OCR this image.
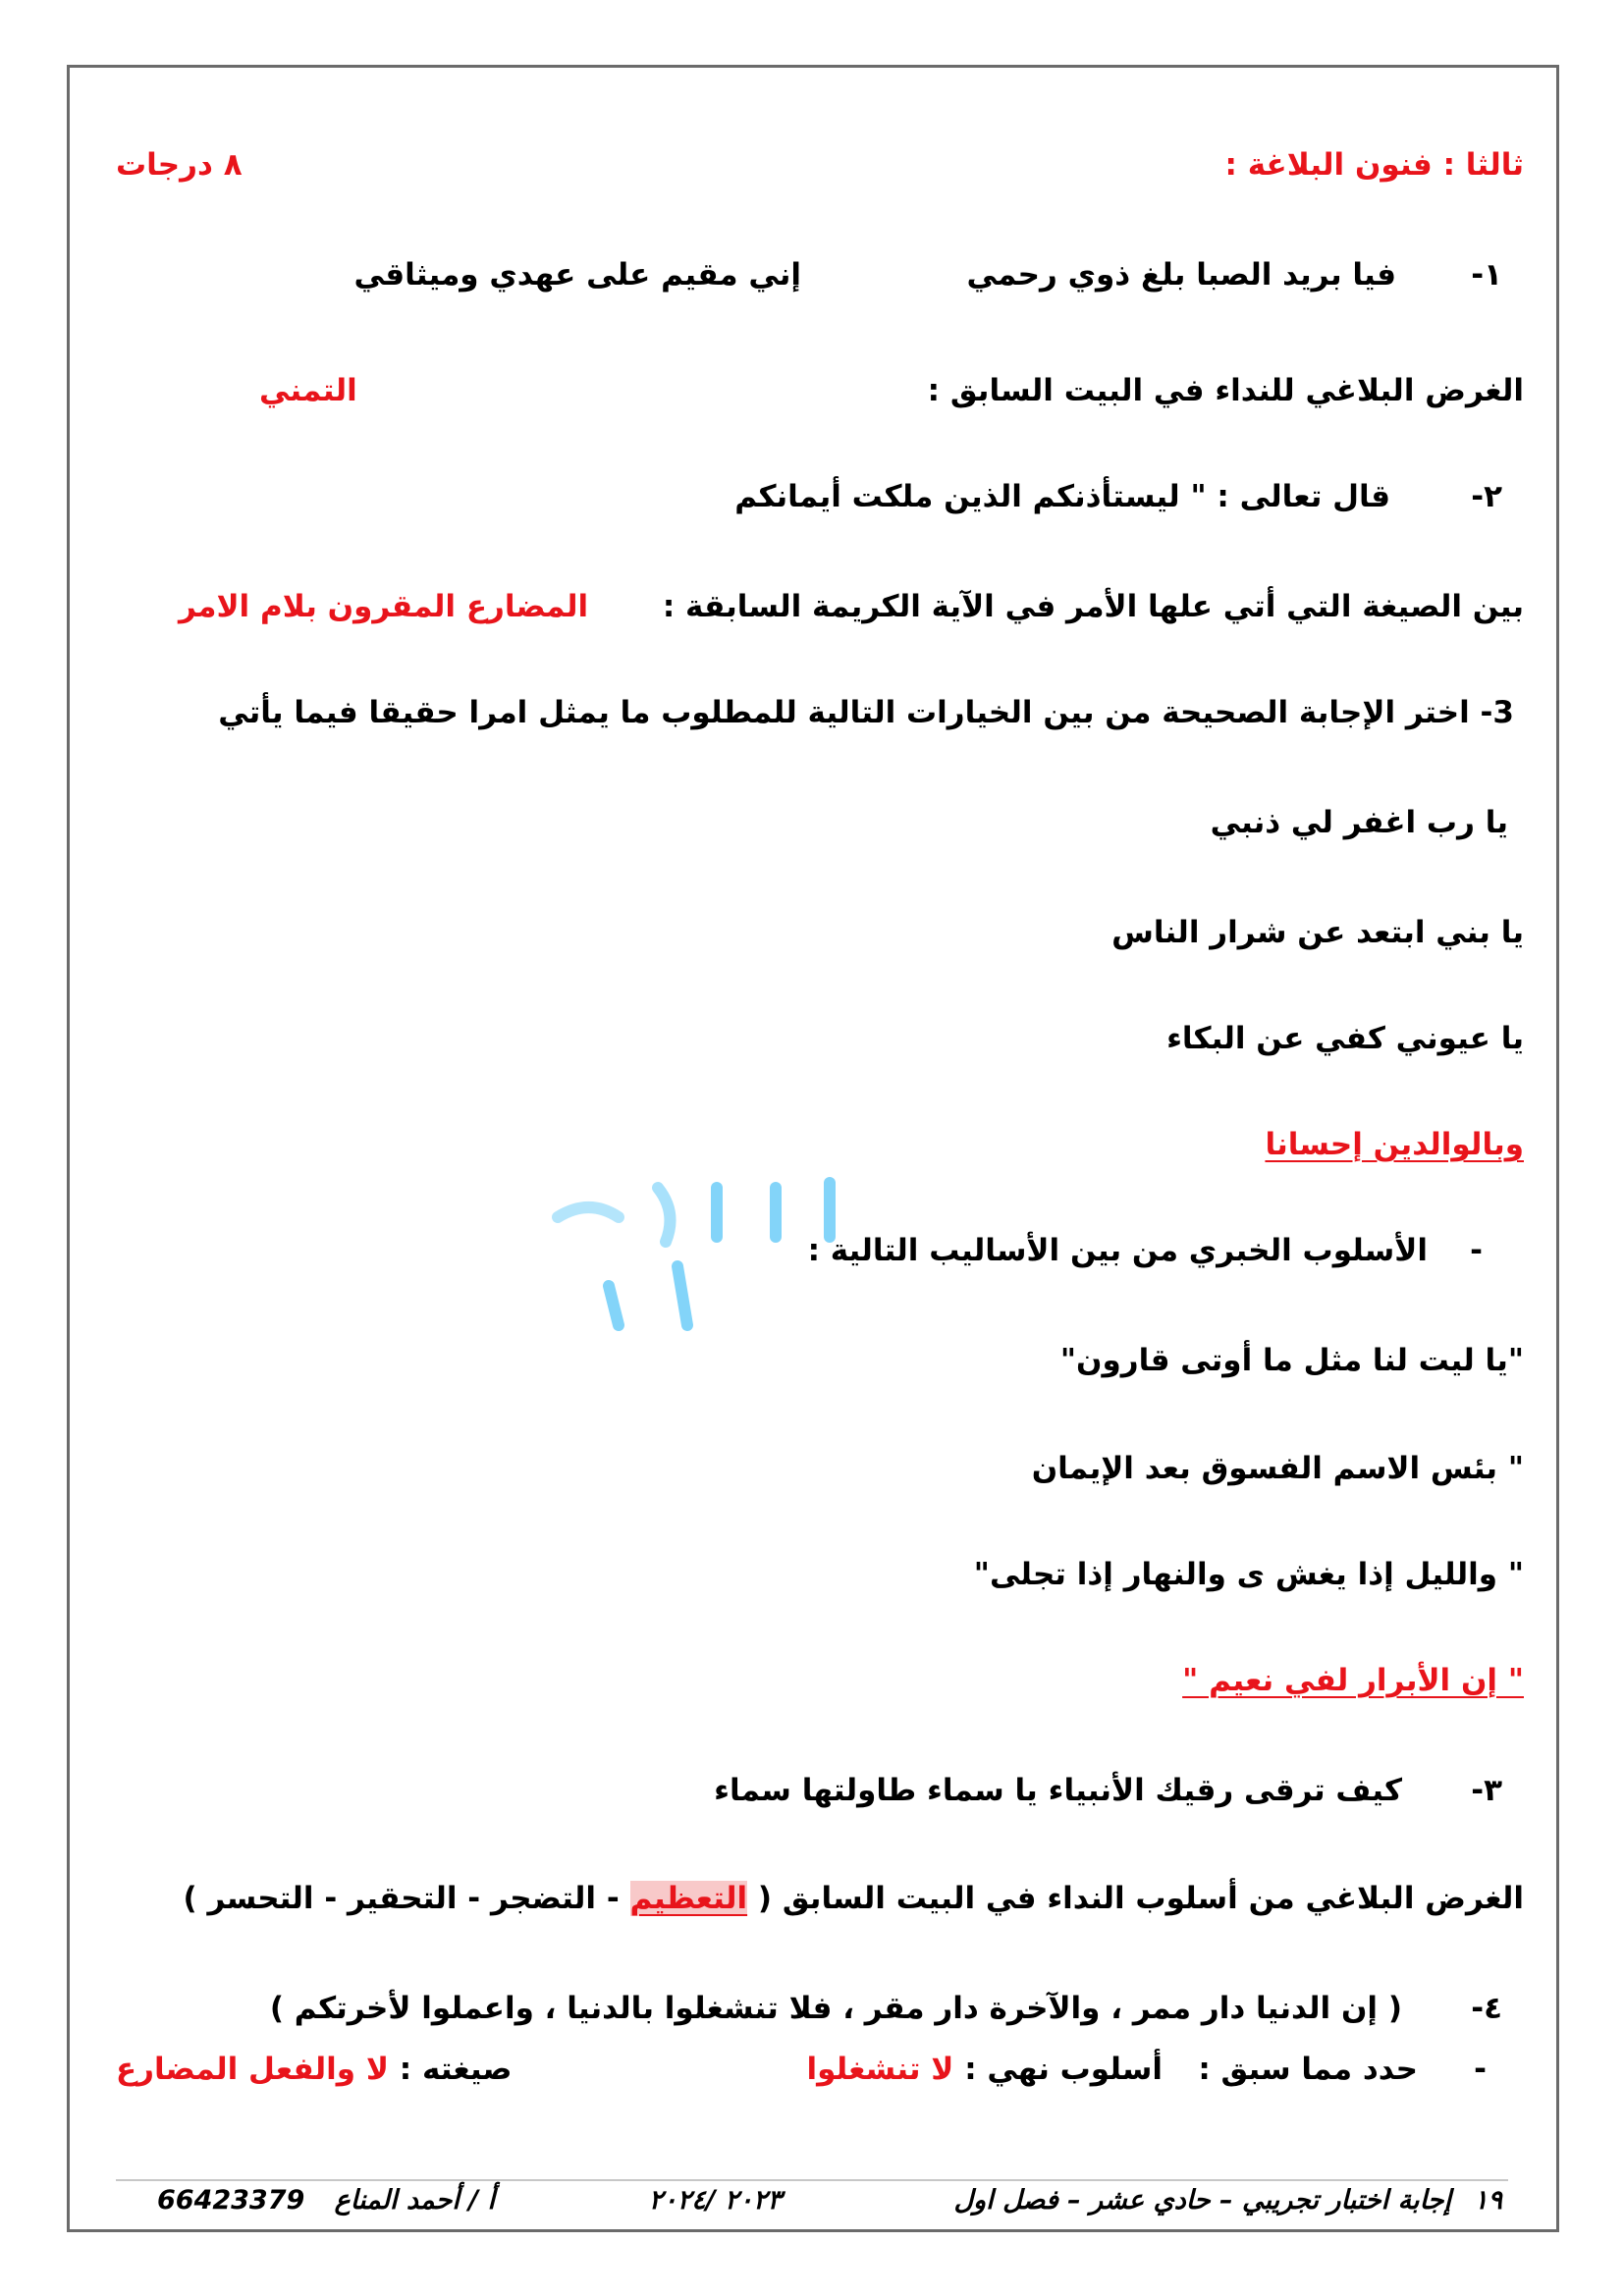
ثالثا : فنون البلاغة :
٨ درجات
١-
فيا بريد الصبا بلغ ذوي رحمي
إني مقيم على عهدي وميثاقي
الغرض البلاغي للنداء في البيت السابق :
التمني
٢-
قال تعالى : " ليستأذنكم الذين ملكت أيمانكم
بين الصيغة التي أتي علها الأمر في الآية الكريمة السابقة :
المضارع المقرون بلام الامر
3- اختر الإجابة الصحيحة من بين الخيارات التالية للمطلوب ما يمثل امرا حقيقا فيما يأتي
يا رب اغفر لي ذنبي
يا بني ابتعد عن شرار الناس
يا عيوني كفي عن البكاء
وبالوالدين إحسانا
-
الأسلوب الخبري من بين الأساليب التالية :
"يا ليت لنا مثل ما أوتى قارون"
" بئس الاسم الفسوق بعد الإيمان
" والليل إذا يغش ى والنهار إذا تجلى"
" إن الأبرار لفي نعيم "
٣-
كيف ترقى رقيك الأنبياء يا سماء طاولتها سماء
الغرض البلاغي من أسلوب النداء في البيت السابق ( التعظيم - التضجر - التحقير - التحسر )
٤-
( إن الدنيا دار ممر ، والآخرة دار مقر ، فلا تنشغلوا بالدنيا ، واعملوا لأخرتكم )
-
حدد مما سبق :
أسلوب نهي : لا تنشغلوا
صيغته : لا والفعل المضارع
١٩
إجابة اختبار تجريبي – حادي عشر – فصل اول
٢٠٢٣ /٢٠٢٤
أ / أحمد المناع
66423379
